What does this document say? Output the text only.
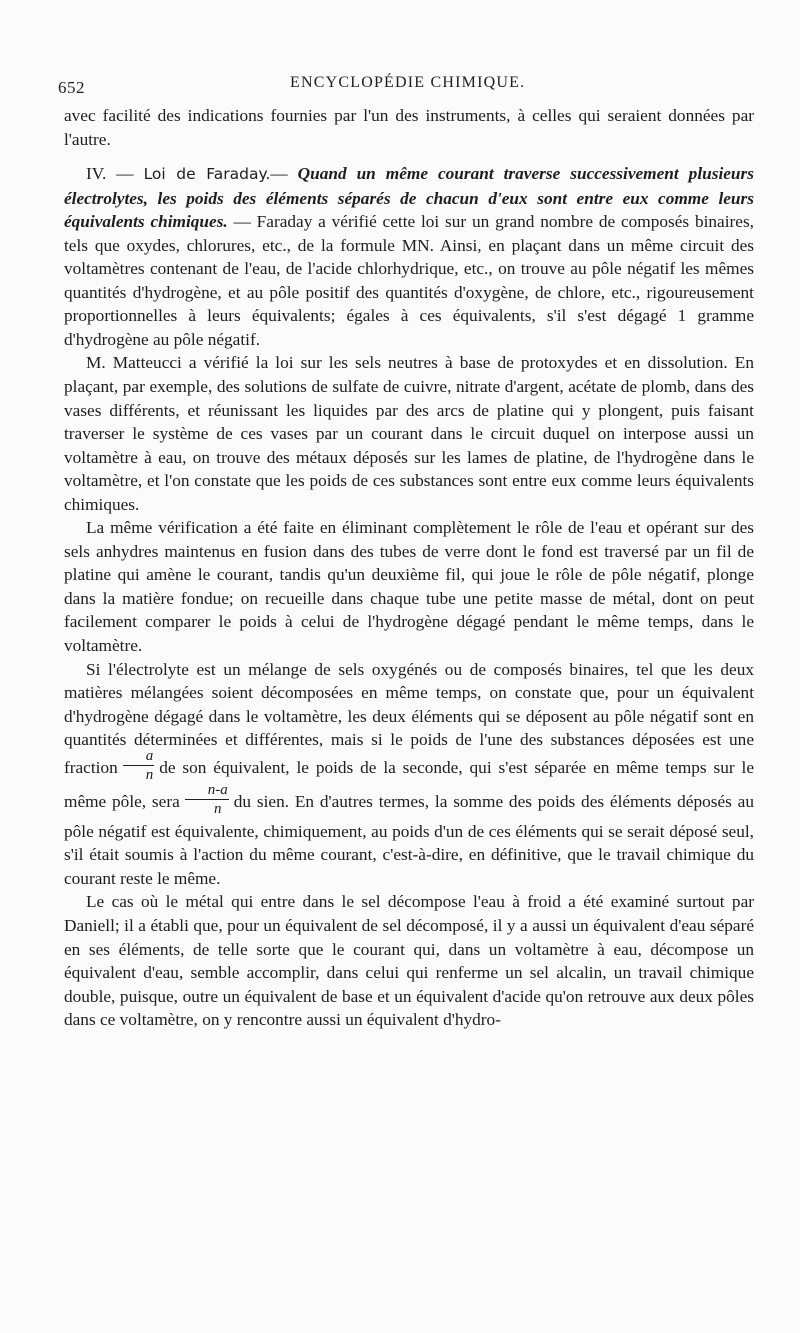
652	ENCYCLOPÉDIE CHIMIQUE.

avec facilité des indications fournies par l'un des instruments, à celles qui seraient données par l'autre.

IV. — Loi de Faraday.— Quand un même courant traverse successivement plusieurs électrolytes, les poids des éléments séparés de chacun d'eux sont entre eux comme leurs équivalents chimiques. — Faraday a vérifié cette loi sur un grand nombre de composés binaires, tels que oxydes, chlorures, etc., de la formule MN. Ainsi, en plaçant dans un même circuit des voltamètres contenant de l'eau, de l'acide chlorhydrique, etc., on trouve au pôle négatif les mêmes quantités d'hydrogène, et au pôle positif des quantités d'oxygène, de chlore, etc., rigoureusement proportionnelles à leurs équivalents; égales à ces équivalents, s'il s'est dégagé 1 gramme d'hydrogène au pôle négatif.

M. Matteucci a vérifié la loi sur les sels neutres à base de protoxydes et en dissolution. En plaçant, par exemple, des solutions de sulfate de cuivre, nitrate d'argent, acétate de plomb, dans des vases différents, et réunissant les liquides par des arcs de platine qui y plongent, puis faisant traverser le système de ces vases par un courant dans le circuit duquel on interpose aussi un voltamètre à eau, on trouve des métaux déposés sur les lames de platine, de l'hydrogène dans le voltamètre, et l'on constate que les poids de ces substances sont entre eux comme leurs équivalents chimiques.

La même vérification a été faite en éliminant complètement le rôle de l'eau et opérant sur des sels anhydres maintenus en fusion dans des tubes de verre dont le fond est traversé par un fil de platine qui amène le courant, tandis qu'un deuxième fil, qui joue le rôle de pôle négatif, plonge dans la matière fondue; on recueille dans chaque tube une petite masse de métal, dont on peut facilement comparer le poids à celui de l'hydrogène dégagé pendant le même temps, dans le voltamètre.

Si l'électrolyte est un mélange de sels oxygénés ou de composés binaires, tel que les deux matières mélangées soient décomposées en même temps, on constate que, pour un équivalent d'hydrogène dégagé dans le voltamètre, les deux éléments qui se déposent au pôle négatif sont en quantités déterminées et différentes, mais si le poids de l'une des substances déposées est une fraction $\frac{a}{n}$ de son équivalent, le poids de la seconde, qui s'est séparée en même temps sur le même pôle, sera $\frac{n-a}{n}$ du sien. En d'autres termes, la somme des poids des éléments déposés au pôle négatif est équivalente, chimiquement, au poids d'un de ces éléments qui se serait déposé seul, s'il était soumis à l'action du même courant, c'est-à-dire, en définitive, que le travail chimique du courant reste le même.

Le cas où le métal qui entre dans le sel décompose l'eau à froid a été examiné surtout par Daniell; il a établi que, pour un équivalent de sel décomposé, il y a aussi un équivalent d'eau séparé en ses éléments, de telle sorte que le courant qui, dans un voltamètre à eau, décompose un équivalent d'eau, semble accomplir, dans celui qui renferme un sel alcalin, un travail chimique double, puisque, outre un équivalent de base et un équivalent d'acide qu'on retrouve aux deux pôles dans ce voltamètre, on y rencontre aussi un équivalent d'hydro-
